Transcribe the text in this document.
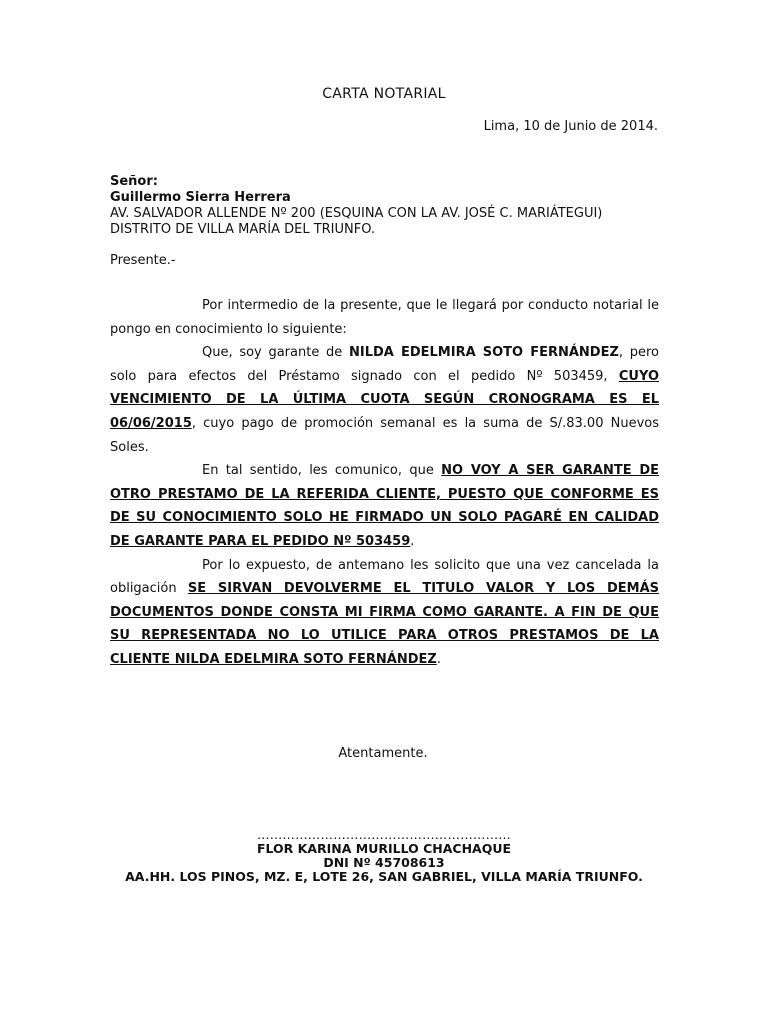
CARTA NOTARIAL
Lima, 10 de Junio de 2014.
Señor:
Guillermo Sierra Herrera
AV. SALVADOR ALLENDE Nº 200 (ESQUINA CON LA AV. JOSÉ C. MARIÁTEGUI)
DISTRITO DE VILLA MARÍA DEL TRIUNFO.
Presente.-

Por intermedio de la presente, que le llegará por conducto notarial le pongo en conocimiento lo siguiente:

Que, soy garante de NILDA EDELMIRA SOTO FERNÁNDEZ, pero solo para efectos del Préstamo signado con el pedido Nº 503459, CUYO VENCIMIENTO DE LA ÚLTIMA CUOTA SEGÚN CRONOGRAMA ES EL 06/06/2015, cuyo pago de promoción semanal es la suma de S/.83.00 Nuevos Soles.

En tal sentido, les comunico, que NO VOY A SER GARANTE DE OTRO PRESTAMO DE LA REFERIDA CLIENTE, PUESTO QUE CONFORME ES DE SU CONOCIMIENTO SOLO HE FIRMADO UN SOLO PAGARÉ EN CALIDAD DE GARANTE PARA EL PEDIDO Nº 503459.

Por lo expuesto, de antemano les solicito que una vez cancelada la obligación SE SIRVAN DEVOLVERME EL TITULO VALOR Y LOS DEMÁS DOCUMENTOS DONDE CONSTA MI FIRMA COMO GARANTE. A FIN DE QUE SU REPRESENTADA NO LO UTILICE PARA OTROS PRESTAMOS DE LA CLIENTE NILDA EDELMIRA SOTO FERNÁNDEZ.

Atentamente.
……………………………………………………
FLOR KARINA MURILLO CHACHAQUE
DNI Nº 45708613
AA.HH. LOS PINOS, MZ. E, LOTE 26, SAN GABRIEL, VILLA MARÍA TRIUNFO.
